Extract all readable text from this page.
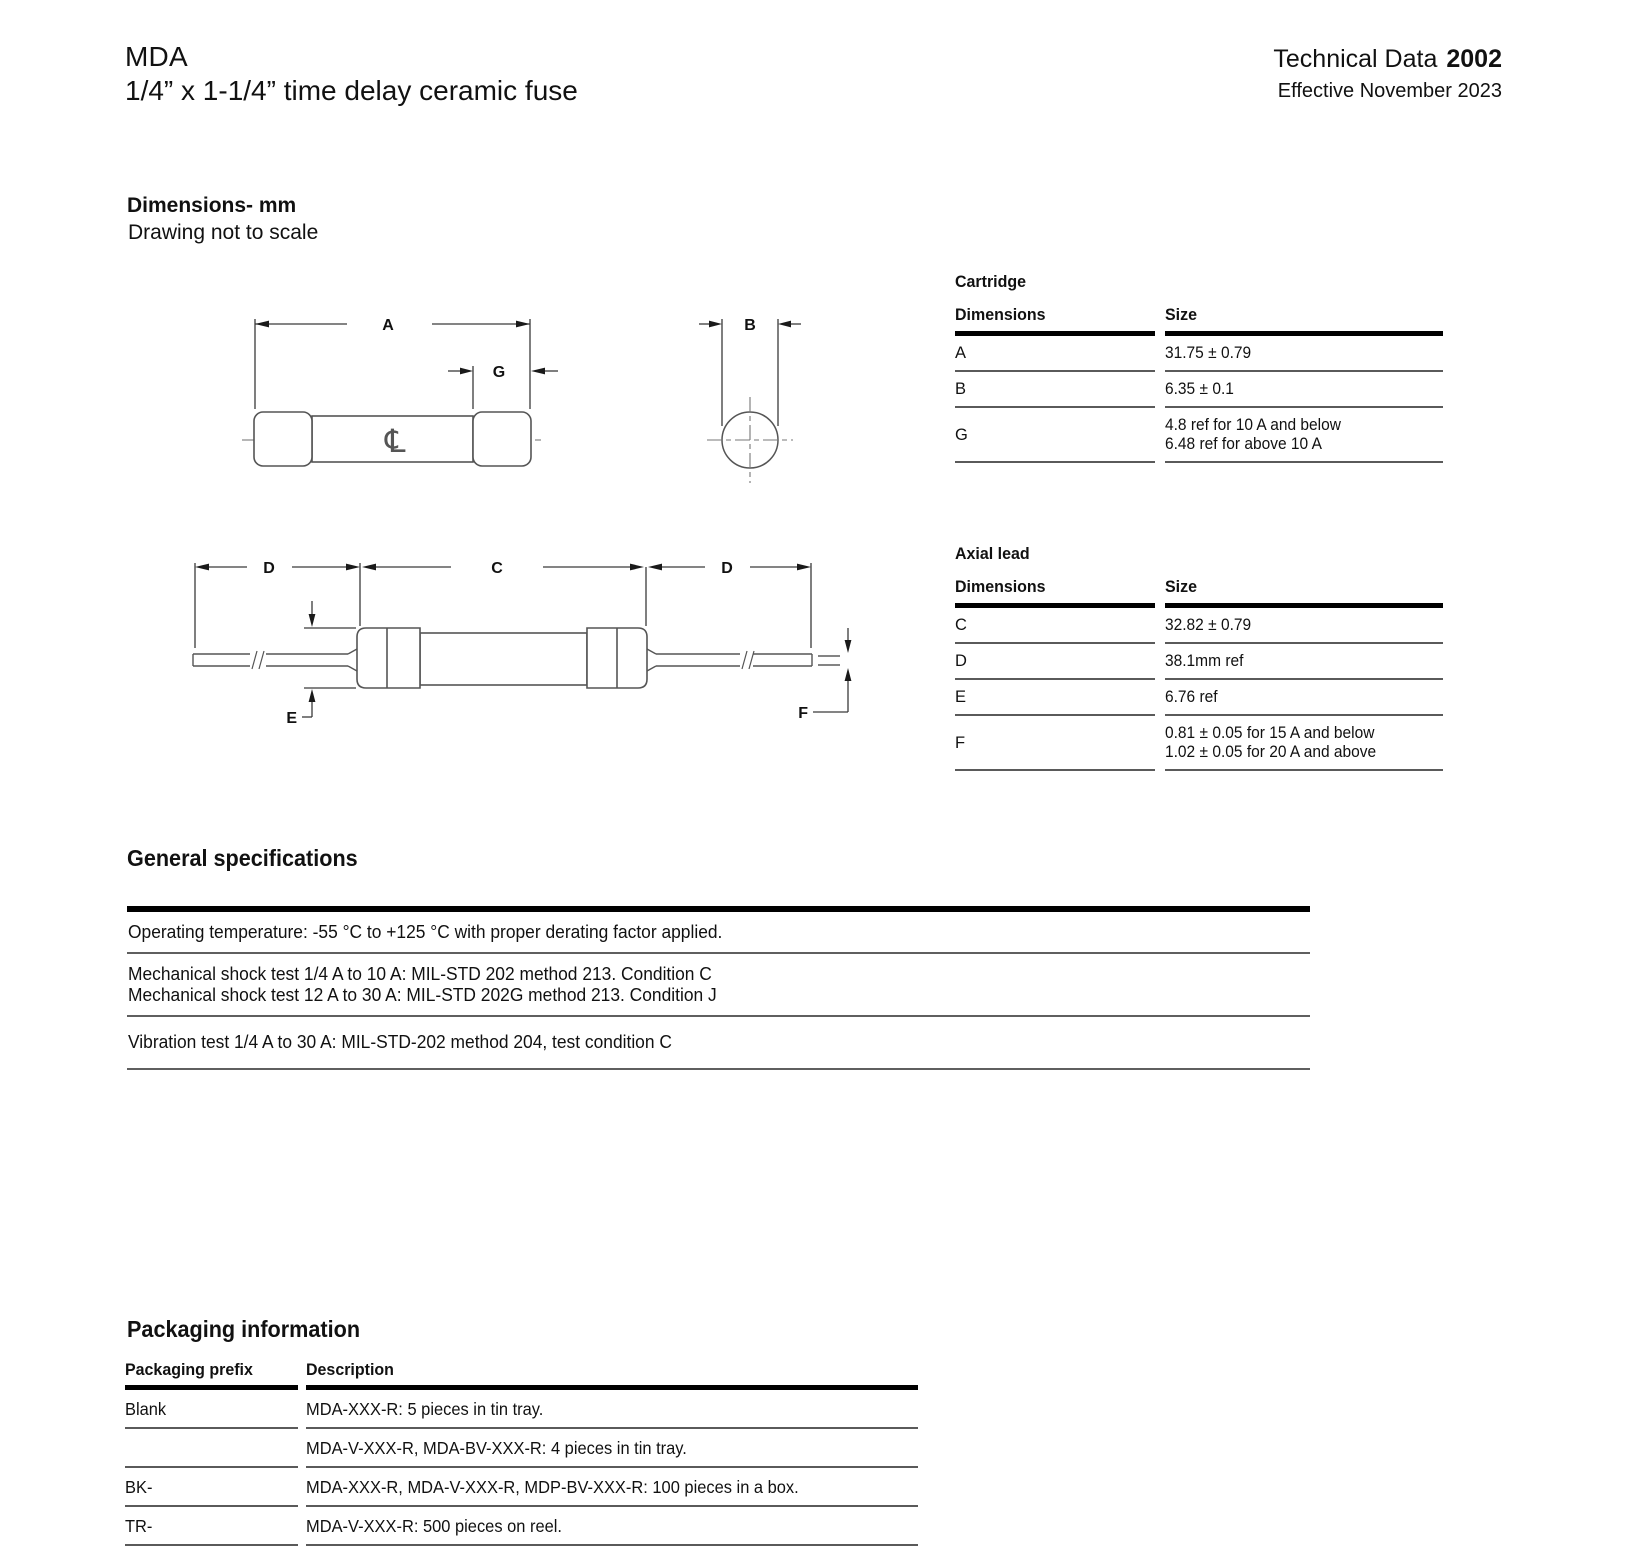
MDA
1/4” x 1-1/4” time delay ceramic fuse
Technical Data 2002
Effective November 2023
Dimensions- mm
Drawing not to scale
℄
A
G
B
D	C	D
E	F
Cartridge
Dimensions	Size
A	31.75 ± 0.79
B	6.35 ± 0.1
G	4.8 ref for 10 A and below
6.48 ref for above 10 A
Axial lead
Dimensions	Size
C	32.82 ± 0.79
D	38.1mm ref
E	6.76 ref
F	0.81 ± 0.05 for 15 A and below
1.02 ± 0.05 for 20 A and above
General specifications
Operating temperature: -55 °C to +125 °C with proper derating factor applied.
Mechanical shock test 1/4 A to 10 A: MIL-STD 202 method 213. Condition C
Mechanical shock test 12 A to 30 A: MIL-STD 202G method 213. Condition J
Vibration test 1/4 A to 30 A: MIL-STD-202 method 204, test condition C
Packaging information
Packaging prefix	Description
Blank	MDA-XXX-R: 5 pieces in tin tray.
	MDA-V-XXX-R, MDA-BV-XXX-R: 4 pieces in tin tray.
BK-	MDA-XXX-R, MDA-V-XXX-R, MDP-BV-XXX-R: 100 pieces in a box.
TR-	MDA-V-XXX-R: 500 pieces on reel.
